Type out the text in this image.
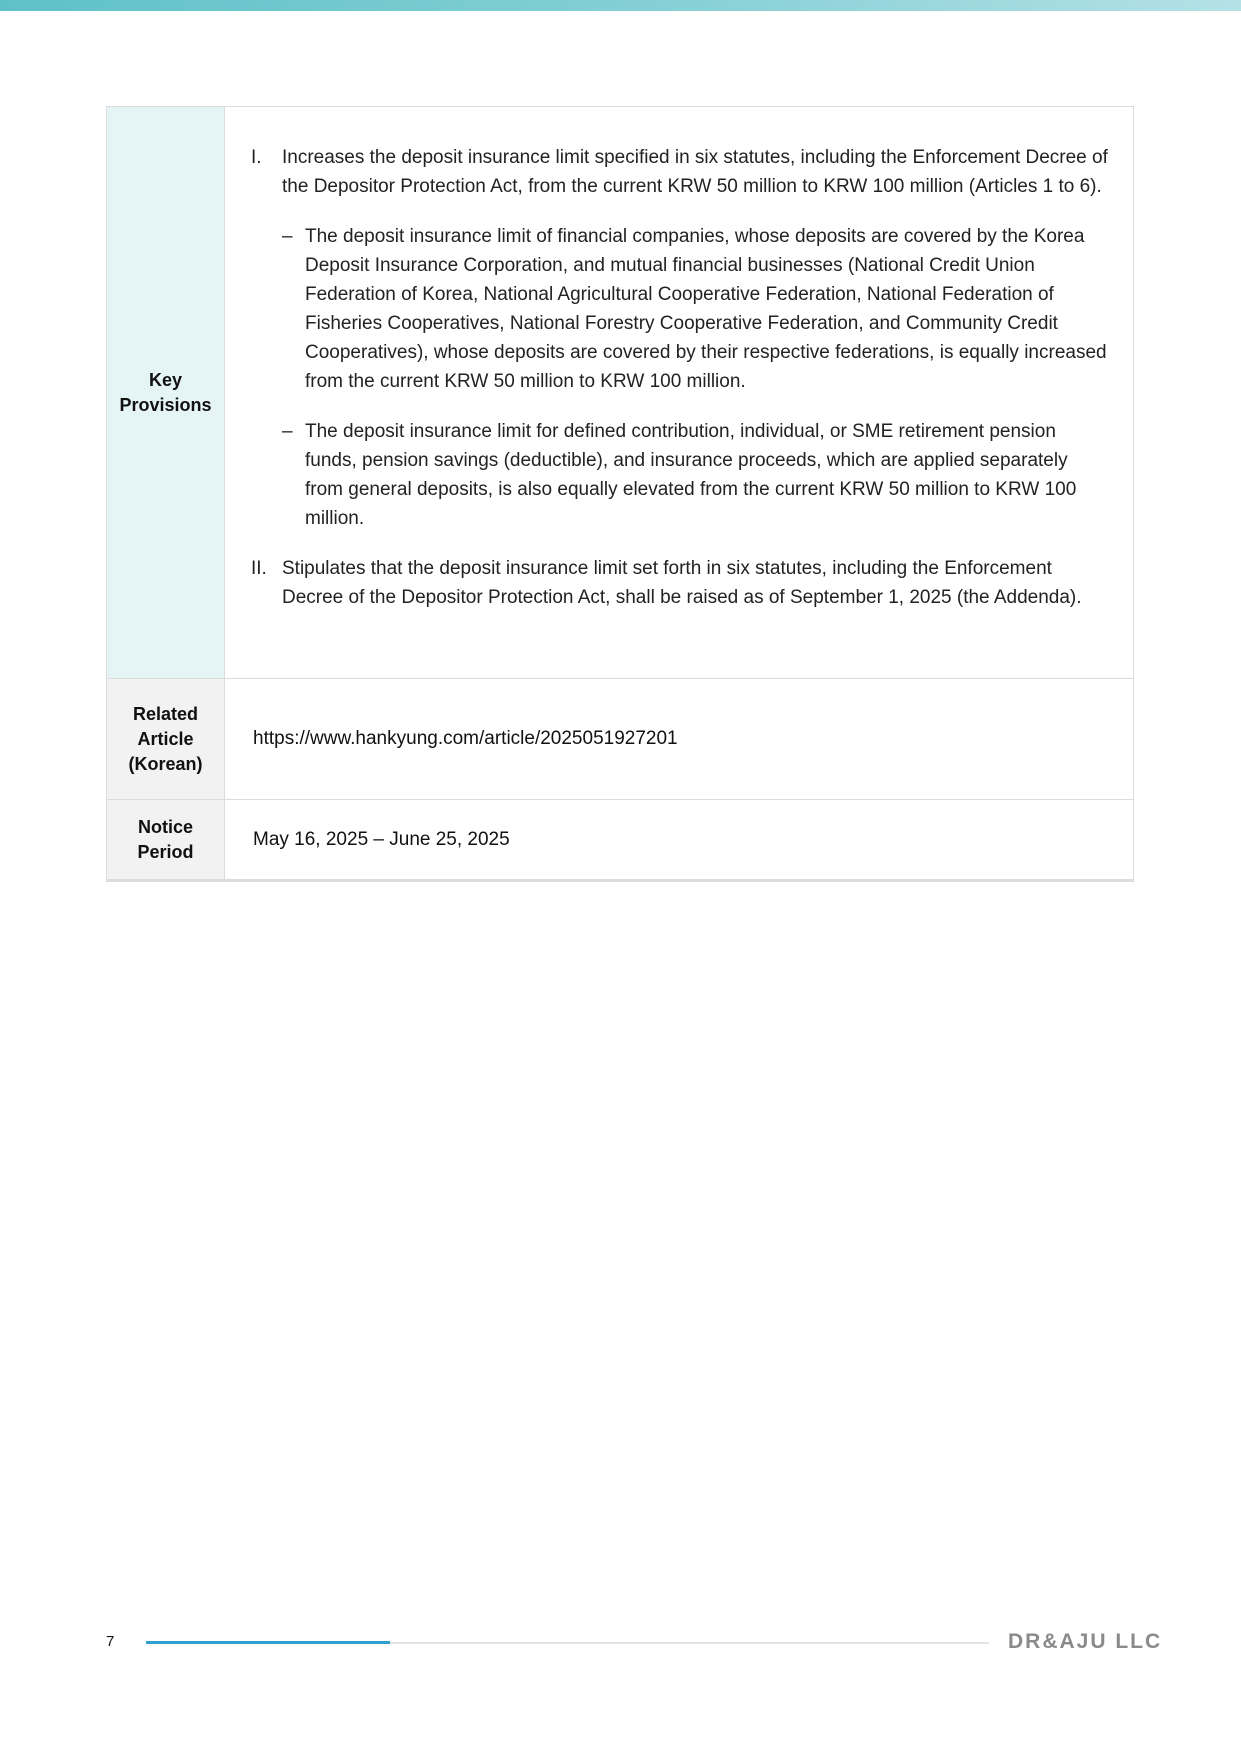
Key Provisions
I.	Increases the deposit insurance limit specified in six statutes, including the Enforcement Decree of the Depositor Protection Act, from the current KRW 50 million to KRW 100 million (Articles 1 to 6).
– The deposit insurance limit of financial companies, whose deposits are covered by the Korea Deposit Insurance Corporation, and mutual financial businesses (National Credit Union Federation of Korea, National Agricultural Cooperative Federation, National Federation of Fisheries Cooperatives, National Forestry Cooperative Federation, and Community Credit Cooperatives), whose deposits are covered by their respective federations, is equally increased from the current KRW 50 million to KRW 100 million.
– The deposit insurance limit for defined contribution, individual, or SME retirement pension funds, pension savings (deductible), and insurance proceeds, which are applied separately from general deposits, is also equally elevated from the current KRW 50 million to KRW 100 million.
II. Stipulates that the deposit insurance limit set forth in six statutes, including the Enforcement Decree of the Depositor Protection Act, shall be raised as of September 1, 2025 (the Addenda).
Related
Article
(Korean)
https://www.hankyung.com/article/2025051927201
Notice
Period
May 16, 2025 – June 25, 2025
7	DR&AJU LLC
